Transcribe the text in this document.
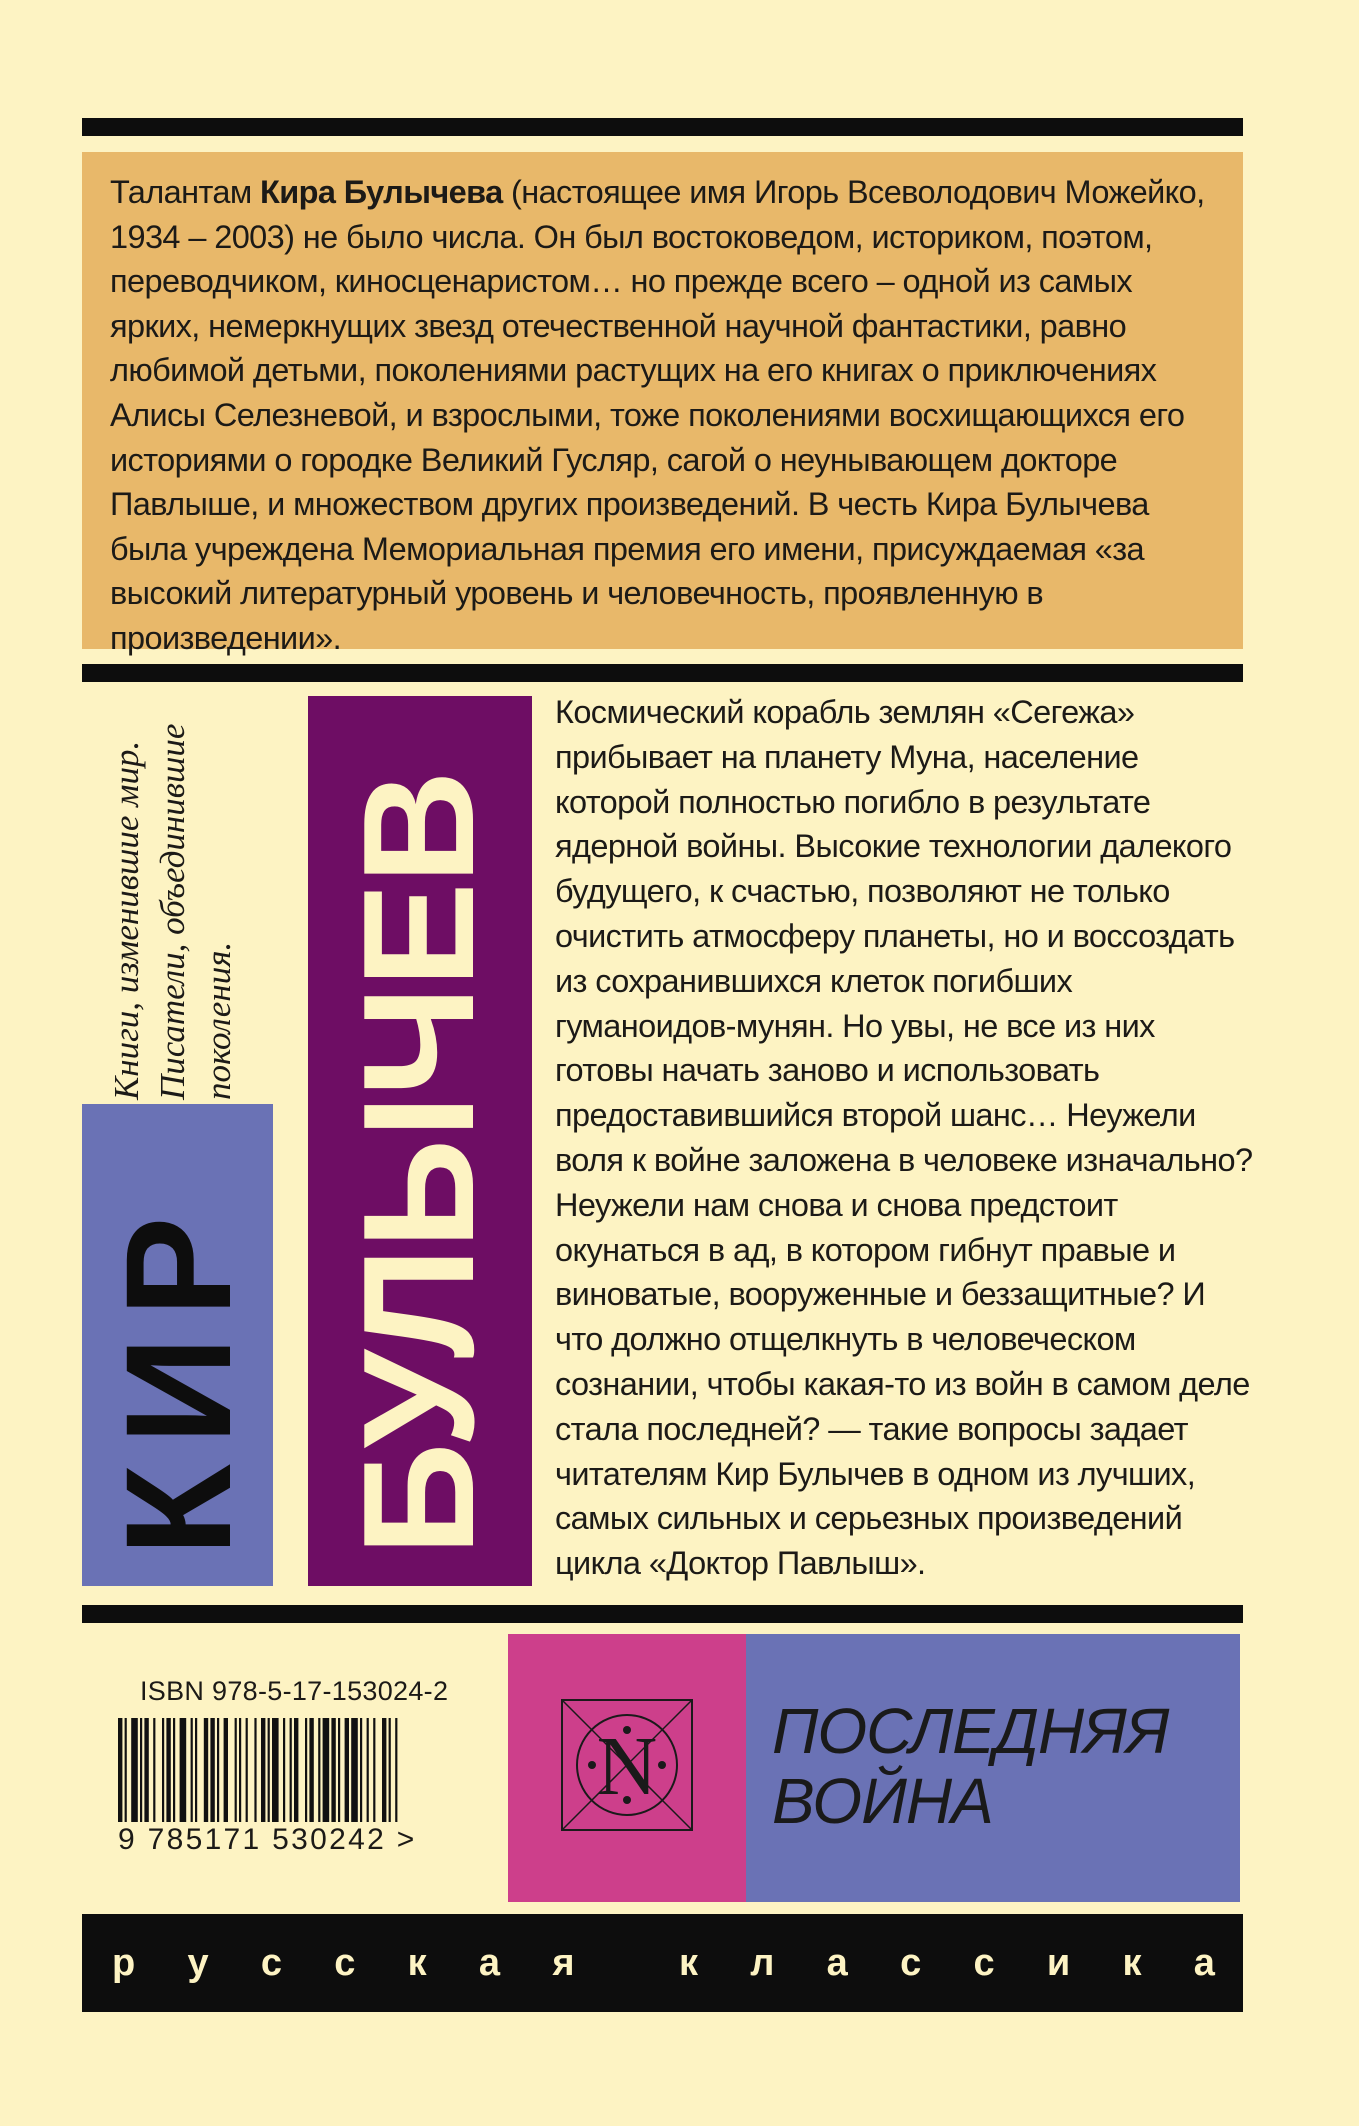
Талантам Кира Булычева (настоящее имя Игорь Всеволодович Можейко, 1934 – 2003) не было числа. Он был востоковедом, историком, поэтом, переводчиком, киносценаристом… но прежде всего – одной из самых ярких, немеркнущих звезд отечественной научной фантастики, равно любимой детьми, поколениями растущих на его книгах о приключениях Алисы Селезневой, и взрослыми, тоже поколениями восхищающихся его историями о городке Великий Гусляр, сагой о неунывающем докторе Павлыше, и множеством других произведений. В честь Кира Булычева была учреждена Мемориальная премия его имени, присуждаемая «за высокий литературный уровень и человечность, проявленную в произведении».

КИР БУЛЫЧЕВ
Книги, изменившие мир. Писатели, объединившие поколения.

Космический корабль землян «Сегежа» прибывает на планету Муна, население которой полностью погибло в результате ядерной войны. Высокие технологии далекого будущего, к счастью, позволяют не только очистить атмосферу планеты, но и воссоздать из сохранившихся клеток погибших гуманоидов-мунян. Но увы, не все из них готовы начать заново и использовать предоставившийся второй шанс… Неужели воля к войне заложена в человеке изначально? Неужели нам снова и снова предстоит окунаться в ад, в котором гибнут правые и виноватые, вооруженные и беззащитные? И что должно отщелкнуть в человеческом сознании, чтобы какая-то из войн в самом деле стала последней? — такие вопросы задает читателям Кир Булычев в одном из лучших, самых сильных и серьезных произведений цикла «Доктор Павлыш».

ISBN 978-5-17-153024-2
9 785171 530242 >
N ПОСЛЕДНЯЯ
ВОЙНА
р у с с к а я	к л а с с и к а
